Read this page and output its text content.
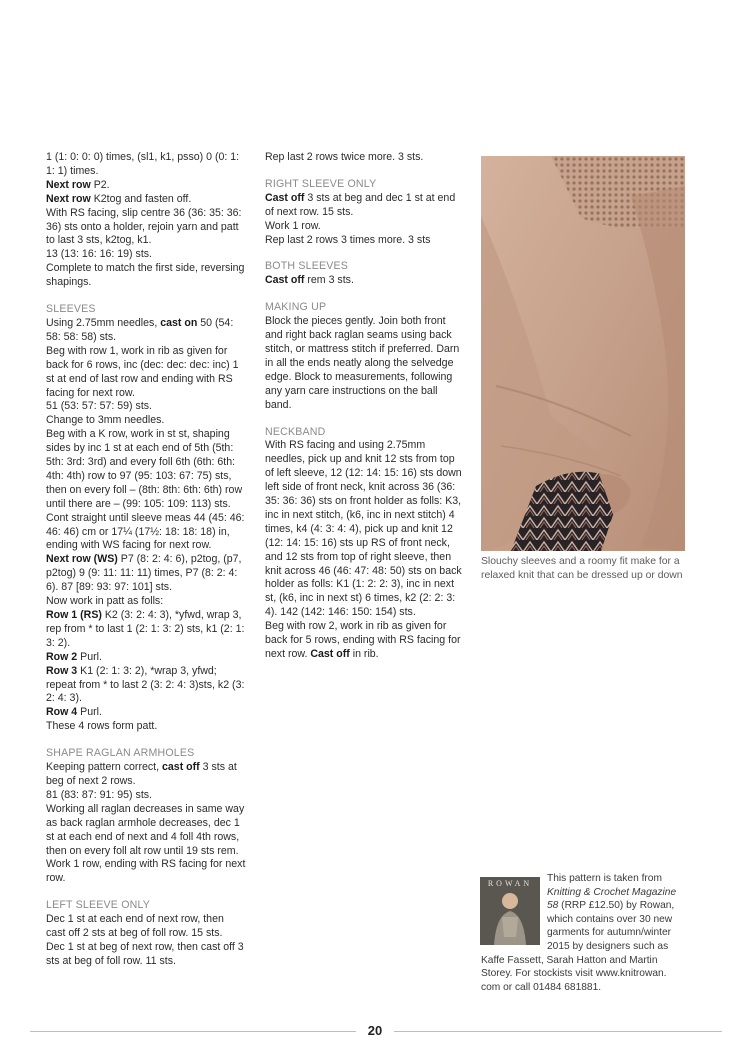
1 (1: 0: 0: 0) times, (sl1, k1, psso) 0 (0: 1: 1: 1) times.

Next row P2.

Next row K2tog and fasten off.

With RS facing, slip centre 36 (36: 35: 36: 36) sts onto a holder, rejoin yarn and patt to last 3 sts, k2tog, k1.

13 (13: 16: 16: 19) sts.

Complete to match the first side, reversing shapings.

SLEEVES

Using 2.75mm needles, cast on 50 (54: 58: 58: 58) sts.

Beg with row 1, work in rib as given for back for 6 rows, inc (dec: dec: dec: inc) 1 st at end of last row and ending with RS facing for next row.

51 (53: 57: 57: 59) sts.

Change to 3mm needles.

Beg with a K row, work in st st, shaping sides by inc 1 st at each end of 5th (5th: 5th: 3rd: 3rd) and every foll 6th (6th: 6th: 4th: 4th) row to 97 (95: 103: 67: 75) sts, then on every foll – (8th: 8th: 6th: 6th) row until there are – (99: 105: 109: 113) sts.

Cont straight until sleeve meas 44 (45: 46: 46: 46) cm or 17¼ (17½: 18: 18: 18) in, ending with WS facing for next row.

Next row (WS) P7 (8: 2: 4: 6), p2tog, (p7, p2tog) 9 (9: 11: 11: 11) times, P7 (8: 2: 4: 6). 87 [89: 93: 97: 101] sts.

Now work in patt as folls:

Row 1 (RS) K2 (3: 2: 4: 3), *yfwd, wrap 3, rep from * to last 1 (2: 1: 3: 2) sts, k1 (2: 1: 3: 2).

Row 2 Purl.

Row 3 K1 (2: 1: 3: 2), *wrap 3, yfwd; repeat from * to last 2 (3: 2: 4: 3)sts, k2 (3: 2: 4: 3).

Row 4 Purl.

These 4 rows form patt.

SHAPE RAGLAN ARMHOLES

Keeping pattern correct, cast off 3 sts at beg of next 2 rows.

81 (83: 87: 91: 95) sts.

Working all raglan decreases in same way as back raglan armhole decreases, dec 1 st at each end of next and 4 foll 4th rows, then on every foll alt row until 19 sts rem.

Work 1 row, ending with RS facing for next row.

LEFT SLEEVE ONLY

Dec 1 st at each end of next row, then cast off 2 sts at beg of foll row. 15 sts.

Dec 1 st at beg of next row, then cast off 3 sts at beg of foll row. 11 sts.

Rep last 2 rows twice more. 3 sts.

RIGHT SLEEVE ONLY

Cast off 3 sts at beg and dec 1 st at end of next row. 15 sts.

Work 1 row.

Rep last 2 rows 3 times more. 3 sts

BOTH SLEEVES

Cast off rem 3 sts.

MAKING UP

Block the pieces gently. Join both front and right back raglan seams using back stitch, or mattress stitch if preferred. Darn in all the ends neatly along the selvedge edge. Block to measurements, following any yarn care instructions on the ball band.

NECKBAND

With RS facing and using 2.75mm needles, pick up and knit 12 sts from top of left sleeve, 12 (12: 14: 15: 16) sts down left side of front neck, knit across 36 (36: 35: 36: 36) sts on front holder as folls: K3, inc in next stitch, (k6, inc in next stitch) 4 times, k4 (4: 3: 4: 4), pick up and knit 12 (12: 14: 15: 16) sts up RS of front neck, and 12 sts from top of right sleeve, then knit across 46 (46: 47: 48: 50) sts on back holder as folls: K1 (1: 2: 2: 3), inc in next st, (k6, inc in next st) 6 times, k2 (2: 2: 3: 4). 142 (142: 146: 150: 154) sts.

Beg with row 2, work in rib as given for back for 5 rows, ending with RS facing for next row. Cast off in rib.

Slouchy sleeves and a roomy fit make for a relaxed knit that can be dressed up or down

ROWAN	This pattern is taken from
Knitting & Crochet Magazine
58 (RRP £12.50) by Rowan,
which contains over 30 new
garments for autumn/winter
2015 by designers such as
Kaffe Fassett, Sarah Hatton and Martin
Storey. For stockists visit www.knitrowan.
com or call 01484 681881.

20
